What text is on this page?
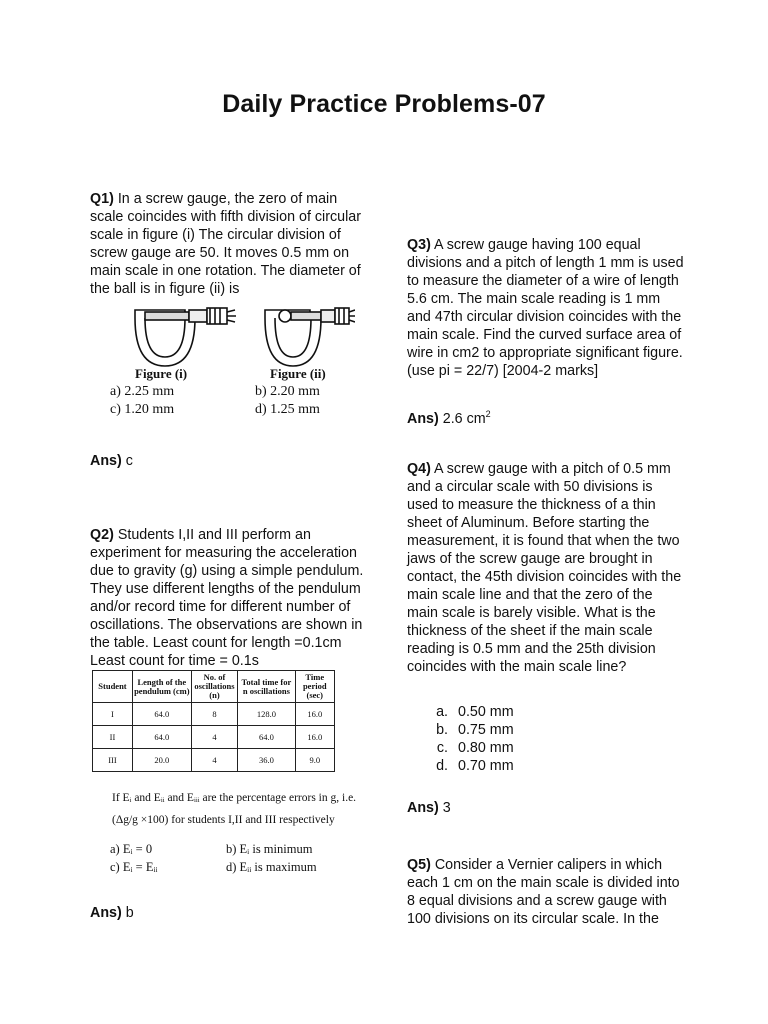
Daily Practice Problems-07

Q1) In a screw gauge, the zero of main scale coincides with fifth division of circular scale in figure (i) The circular division of screw gauge are 50. It moves 0.5 mm on main scale in one rotation. The diameter of the ball is in figure (ii) is

Figure (i)	Figure (ii)
a) 2.25 mm	b) 2.20 mm
c) 1.20 mm	d) 1.25 mm
Ans) c

Q2) Students I,II and III perform an experiment for measuring the acceleration due to gravity (g) using a simple pendulum. They use different lengths of the pendulum and/or record time for different number of oscillations. The observations are shown in the table. Least count for length =0.1cm Least count for time = 0.1s

Student	Length of the pendulum (cm)	No. of oscillations (n)	Total time for n oscillations	Time period (sec)
I	64.0	8	128.0	16.0
II	64.0	4	64.0	16.0
III	20.0	4	36.0	9.0
If Eᵢ and Eᵢᵢ and Eᵢᵢᵢ are the percentage errors in g, i.e.
(Δg/g ×100) for students I,II and III respectively
a) Eᵢ = 0	b) Eᵢ is minimum
c) Eᵢ = Eᵢᵢ	d) Eᵢᵢ is maximum
Ans) b

Q3) A screw gauge having 100 equal divisions and a pitch of length 1 mm is used to measure the diameter of a wire of length 5.6 cm. The main scale reading is 1 mm and 47th circular division coincides with the main scale. Find the curved surface area of wire in cm2 to appropriate significant figure. (use pi = 22/7) [2004-2 marks]

Ans) 2.6 $cm^2$

Q4) A screw gauge with a pitch of 0.5 mm and a circular scale with 50 divisions is used to measure the thickness of a thin sheet of Aluminum. Before starting the measurement, it is found that when the two jaws of the screw gauge are brought in contact, the 45th division coincides with the main scale line and that the zero of the main scale is barely visible. What is the thickness of the sheet if the main scale reading is 0.5 mm and the 25th division coincides with the main scale line?

a. 0.50 mm
b. 0.75 mm
c. 0.80 mm
d. 0.70 mm
Ans) 3

Q5) Consider a Vernier calipers in which each 1 cm on the main scale is divided into 8 equal divisions and a screw gauge with 100 divisions on its circular scale. In the
